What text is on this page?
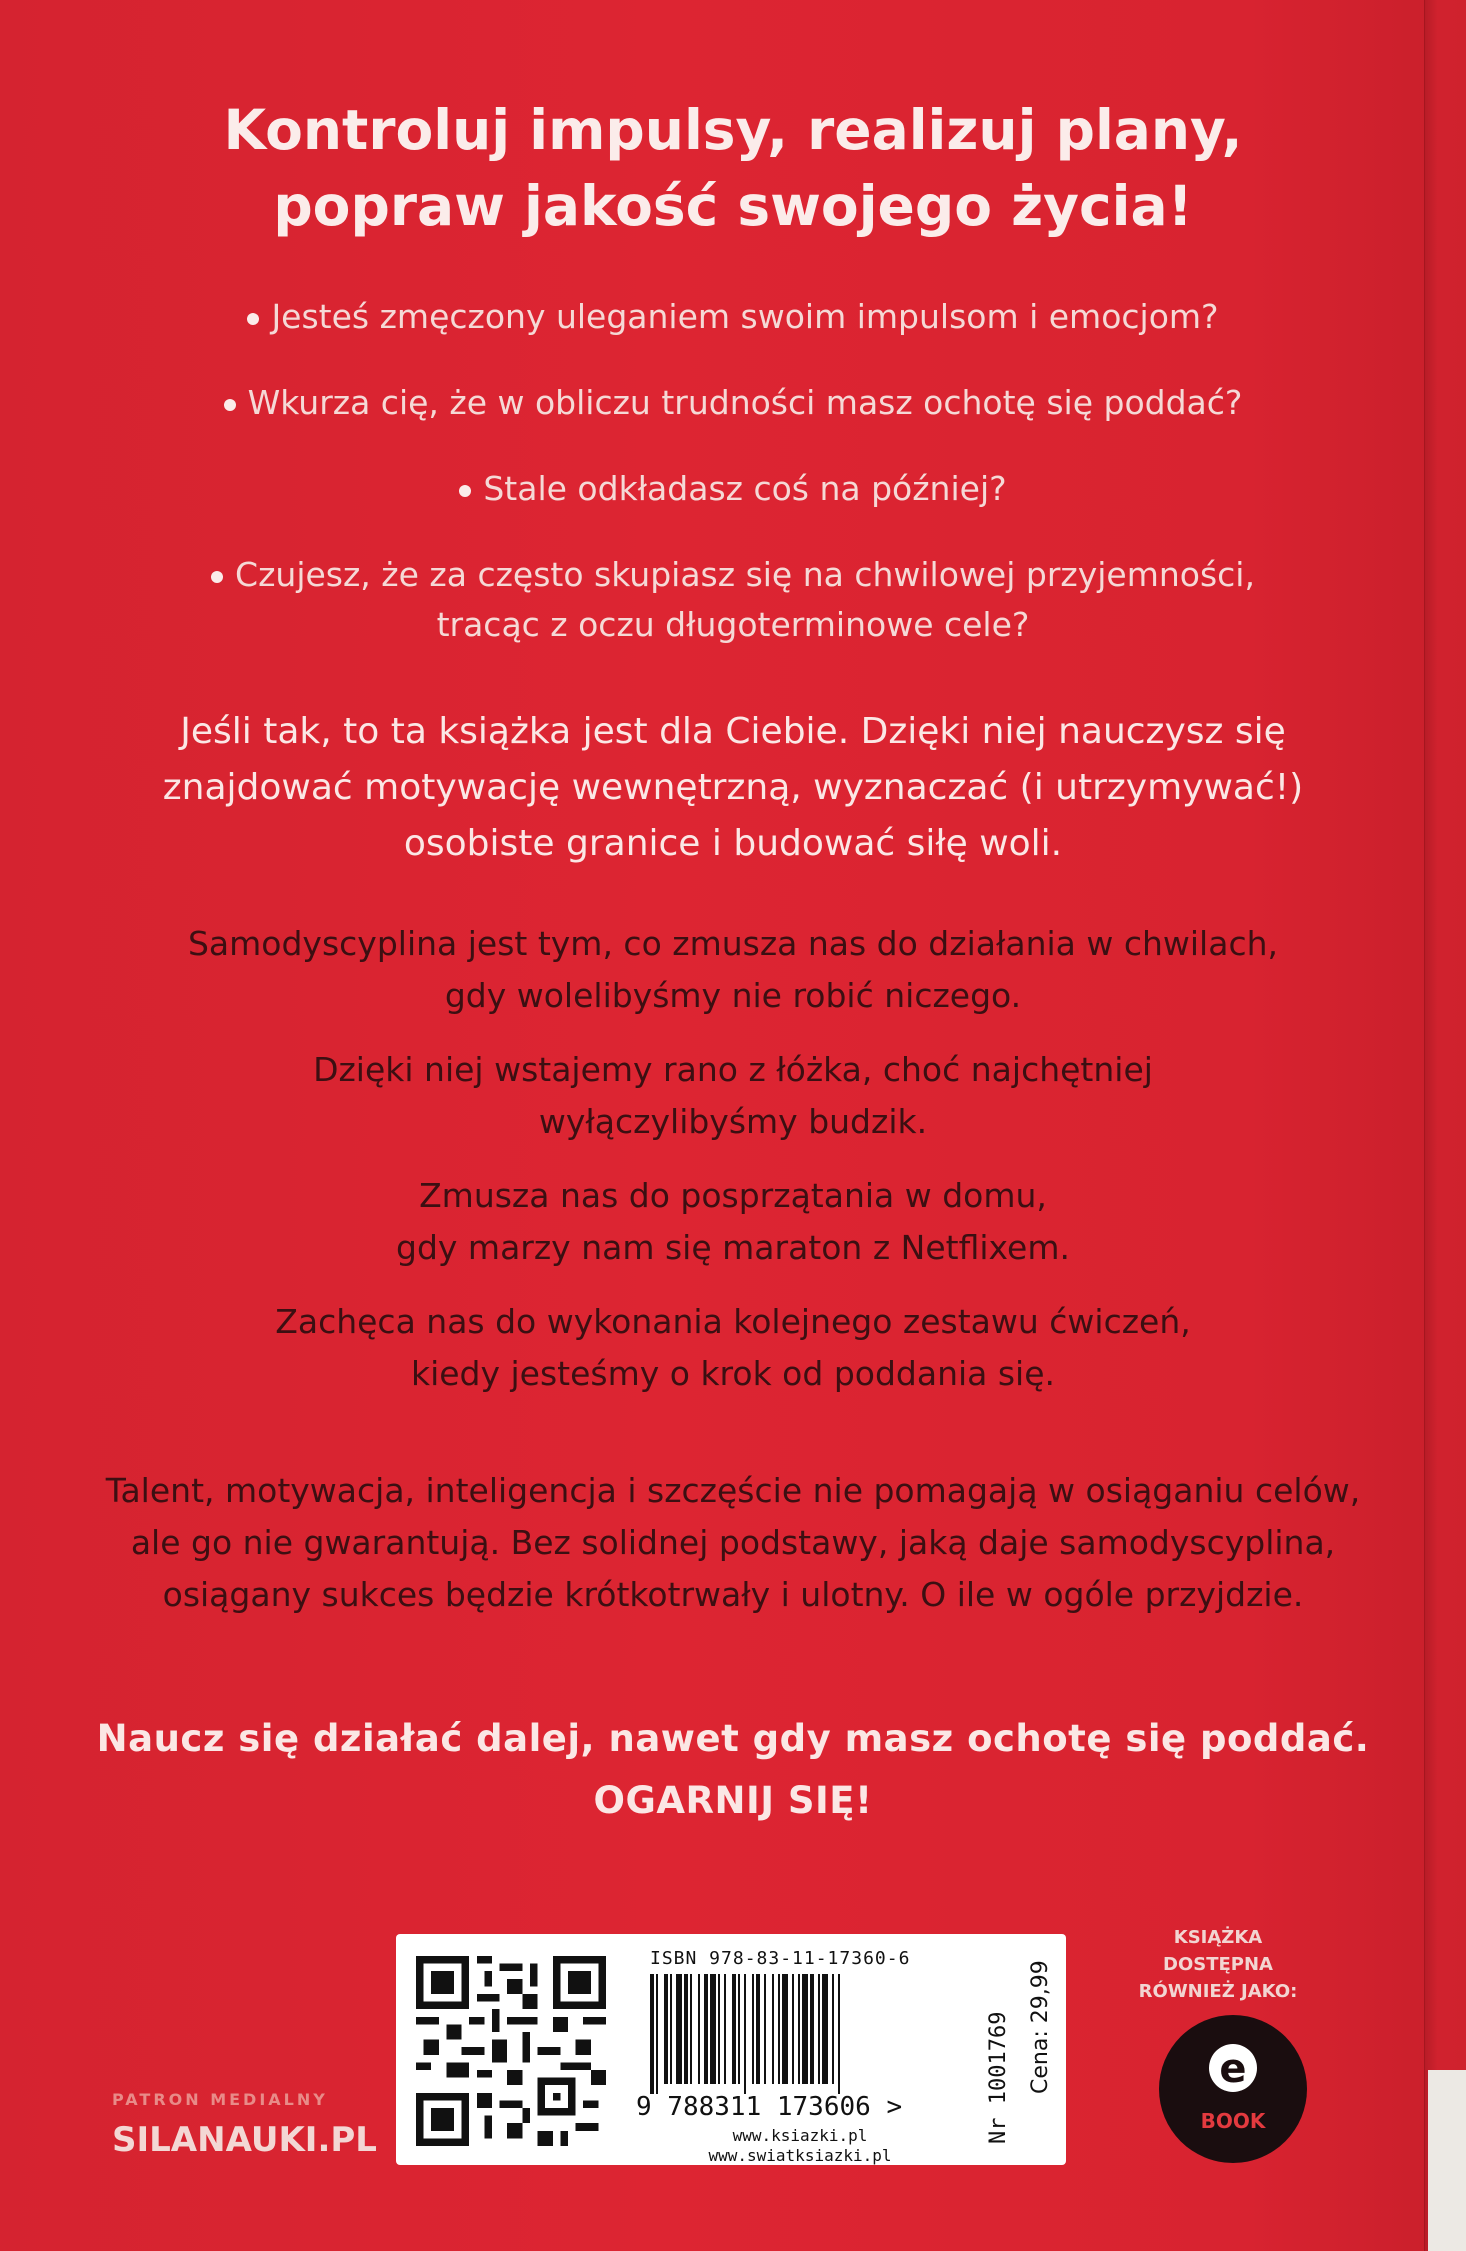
Kontroluj impulsy, realizuj plany,
popraw jakość swojego życia!
Jesteś zmęczony uleganiem swoim impulsom i emocjom?
Wkurza cię, że w obliczu trudności masz ochotę się poddać?
Stale odkładasz coś na później?
Czujesz, że za często skupiasz się na chwilowej przyjemności,
tracąc z oczu długoterminowe cele?
Jeśli tak, to ta książka jest dla Ciebie. Dzięki niej nauczysz się
znajdować motywację wewnętrzną, wyznaczać (i utrzymywać!)
osobiste granice i budować siłę woli.

Samodyscyplina jest tym, co zmusza nas do działania w chwilach,
gdy wolelibyśmy nie robić niczego.

Dzięki niej wstajemy rano z łóżka, choć najchętniej
wyłączylibyśmy budzik.

Zmusza nas do posprzątania w domu,
gdy marzy nam się maraton z Netflixem.

Zachęca nas do wykonania kolejnego zestawu ćwiczeń,
kiedy jesteśmy o krok od poddania się.

Talent, motywacja, inteligencja i szczęście nie pomagają w osiąganiu celów,
ale go nie gwarantują. Bez solidnej podstawy, jaką daje samodyscyplina,
osiągany sukces będzie krótkotrwały i ulotny. O ile w ogóle przyjdzie.
Naucz się działać dalej, nawet gdy masz ochotę się poddać.
OGARNIJ SIĘ!
ISBN 978-83-11-17360-6
9 788311 173606 >
www.ksiazki.pl
www.swiatksiazki.pl
Nr 1001769 Cena: 29,99
PATRON MEDIALNY
SILANAUKI.PL
KSIĄŻKA DOSTĘPNA
RÓWNIEŻ JAKO:
e
BOOK
